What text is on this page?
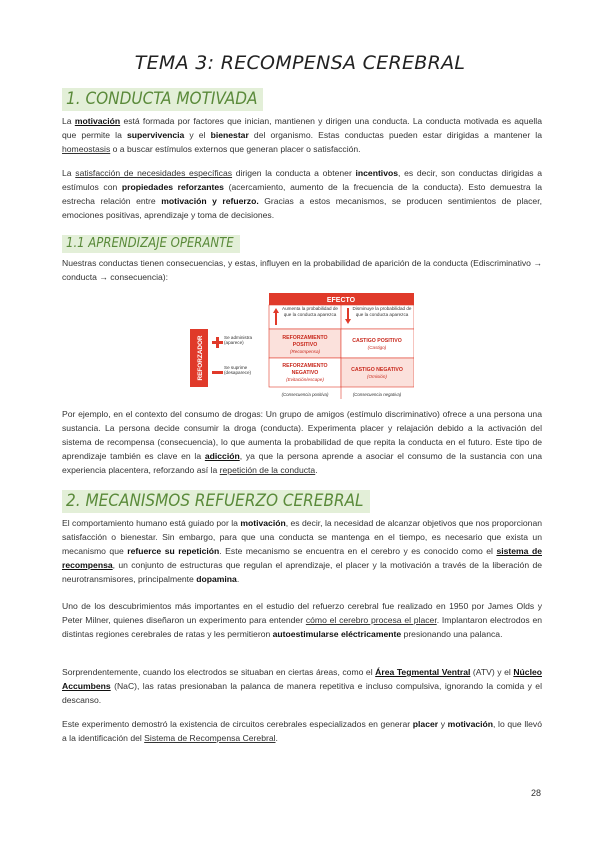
TEMA 3: RECOMPENSA CEREBRAL
1. CONDUCTA MOTIVADA
La motivación está formada por factores que inician, mantienen y dirigen una conducta. La conducta motivada es aquella que permite la supervivencia y el bienestar del organismo. Estas conductas pueden estar dirigidas a mantener la homeostasis o a buscar estímulos externos que generan placer o satisfacción.
La satisfacción de necesidades específicas dirigen la conducta a obtener incentivos, es decir, son conductas dirigidas a estímulos con propiedades reforzantes (acercamiento, aumento de la frecuencia de la conducta). Esto demuestra la estrecha relación entre motivación y refuerzo. Gracias a estos mecanismos, se producen sentimientos de placer, emociones positivas, aprendizaje y toma de decisiones.
1.1 APRENDIZAJE OPERANTE
Nuestras conductas tienen consecuencias, y estas, influyen en la probabilidad de aparición de la conducta (Ediscriminativo → conducta → consecuencia):
EFECTO
Aumenta la probabilidad de que la conducta aparezca
Disminuye la probabilidad de que la conducta aparezca
REFORZADOR	Se administra (aparece)
Se suprime (desaparece)
REFORZAMIENTO
POSITIVO
(Recompensa)
CASTIGO POSITIVO
(Castigo)
REFORZAMIENTO
NEGATIVO
(Evitación/escape)
CASTIGO NEGATIVO
(Omisión)
(Consecuencia positiva)	(Consecuencia negativa)
Por ejemplo, en el contexto del consumo de drogas: Un grupo de amigos (estímulo discriminativo) ofrece a una persona una sustancia. La persona decide consumir la droga (conducta). Experimenta placer y relajación debido a la activación del sistema de recompensa (consecuencia), lo que aumenta la probabilidad de que repita la conducta en el futuro. Este tipo de aprendizaje también es clave en la adicción, ya que la persona aprende a asociar el consumo de la sustancia con una experiencia placentera, reforzando así la repetición de la conducta.
2. MECANISMOS REFUERZO CEREBRAL
El comportamiento humano está guiado por la motivación, es decir, la necesidad de alcanzar objetivos que nos proporcionan satisfacción o bienestar. Sin embargo, para que una conducta se mantenga en el tiempo, es necesario que exista un mecanismo que refuerce su repetición. Este mecanismo se encuentra en el cerebro y es conocido como el sistema de recompensa, un conjunto de estructuras que regulan el aprendizaje, el placer y la motivación a través de la liberación de neurotransmisores, principalmente dopamina.
Uno de los descubrimientos más importantes en el estudio del refuerzo cerebral fue realizado en 1950 por James Olds y Peter Milner, quienes diseñaron un experimento para entender cómo el cerebro procesa el placer. Implantaron electrodos en distintas regiones cerebrales de ratas y les permitieron autoestimularse eléctricamente presionando una palanca.
Sorprendentemente, cuando los electrodos se situaban en ciertas áreas, como el Área Tegmental Ventral (ATV) y el Núcleo Accumbens (NaC), las ratas presionaban la palanca de manera repetitiva e incluso compulsiva, ignorando la comida y el descanso.
Este experimento demostró la existencia de circuitos cerebrales especializados en generar placer y motivación, lo que llevó a la identificación del Sistema de Recompensa Cerebral.
28
